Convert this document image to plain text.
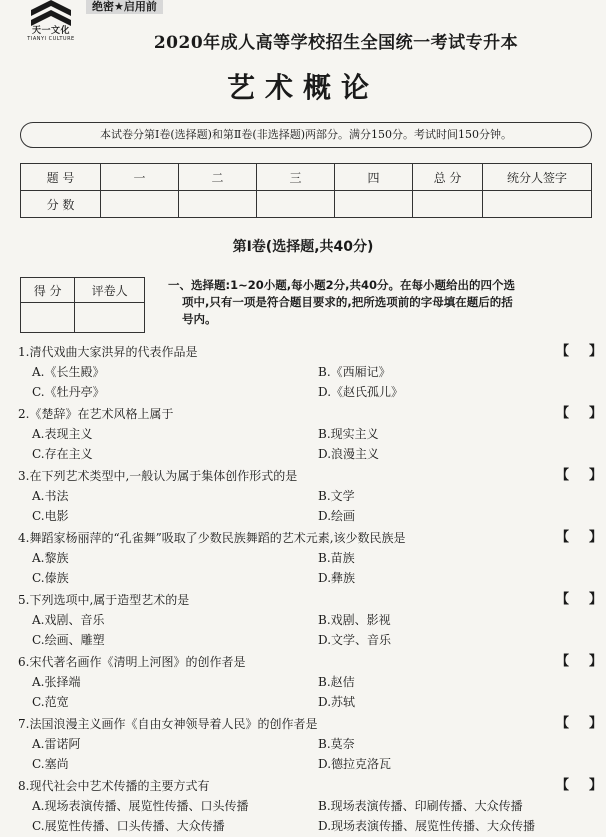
天一文化
TIANYI CULTURE
绝密★启用前
2020年成人高等学校招生全国统一考试专升本
艺术概论
本试卷分第Ⅰ卷(选择题)和第Ⅱ卷(非选择题)两部分。满分150分。考试时间150分钟。
题 号	一	二	三	四	总 分	统分人签字
分 数						
第Ⅰ卷(选择题,共40分)
得 分	评卷人
		一、选择题:1~20小题,每小题2分,共40分。在每小题给出的四个选
项中,只有一项是符合题目要求的,把所选项前的字母填在题后的括
号内。
1.清代戏曲大家洪昇的代表作品是	【 】
A.《长生殿》	B.《西厢记》
C.《牡丹亭》	D.《赵氏孤儿》
2.《楚辞》在艺术风格上属于	【 】
A.表现主义	B.现实主义
C.存在主义	D.浪漫主义
3.在下列艺术类型中,一般认为属于集体创作形式的是	【 】
A.书法	B.文学
C.电影	D.绘画
4.舞蹈家杨丽萍的“孔雀舞”吸取了少数民族舞蹈的艺术元素,该少数民族是	【 】
A.黎族	B.苗族
C.傣族	D.彝族
5.下列选项中,属于造型艺术的是	【 】
A.戏剧、音乐	B.戏剧、影视
C.绘画、雕塑	D.文学、音乐
6.宋代著名画作《清明上河图》的创作者是	【 】
A.张择端	B.赵佶
C.范宽	D.苏轼
7.法国浪漫主义画作《自由女神领导着人民》的创作者是	【 】
A.雷诺阿	B.莫奈
C.塞尚	D.德拉克洛瓦
8.现代社会中艺术传播的主要方式有	【 】
A.现场表演传播、展览性传播、口头传播	B.现场表演传播、印刷传播、大众传播
C.展览性传播、口头传播、大众传播	D.现场表演传播、展览性传播、大众传播
